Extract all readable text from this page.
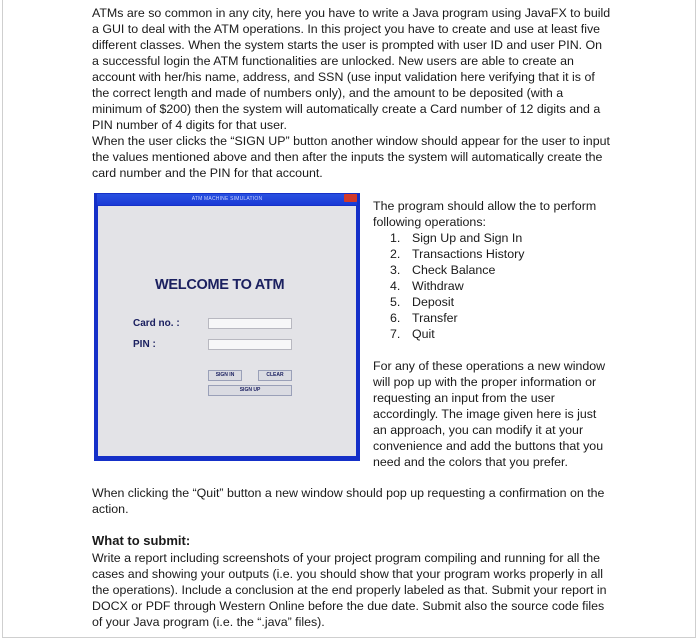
ATMs are so common in any city, here you have to write a Java program using JavaFX to build a GUI to deal with the ATM operations. In this project you have to create and use at least five different classes. When the system starts the user is prompted with user ID and user PIN. On a successful login the ATM functionalities are unlocked. New users are able to create an account with her/his name, address, and SSN (use input validation here verifying that it is of the correct length and made of numbers only), and the amount to be deposited (with a minimum of $200) then the system will automatically create a Card number of 12 digits and a PIN number of 4 digits for that user.

When the user clicks the “SIGN UP” button another window should appear for the user to input the values mentioned above and then after the inputs the system will automatically create the card number and the PIN for that account.

ATM MACHINE SIMULATION
WELCOME TO ATM
Card no. :
PIN :
SIGN IN	CLEAR
SIGN UP

The program should allow the to perform following operations:

1. Sign Up and Sign In
2. Transactions History
3. Check Balance
4. Withdraw
5. Deposit
6. Transfer
7. Quit

For any of these operations a new window will pop up with the proper information or requesting an input from the user accordingly. The image given here is just an approach, you can modify it at your convenience and add the buttons that you need and the colors that you prefer.

When clicking the “Quit” button a new window should pop up requesting a confirmation on the action.

What to submit:

Write a report including screenshots of your project program compiling and running for all the cases and showing your outputs (i.e. you should show that your program works properly in all the operations). Include a conclusion at the end properly labeled as that. Submit your report in DOCX or PDF through Western Online before the due date. Submit also the source code files of your Java program (i.e. the “.java” files).
